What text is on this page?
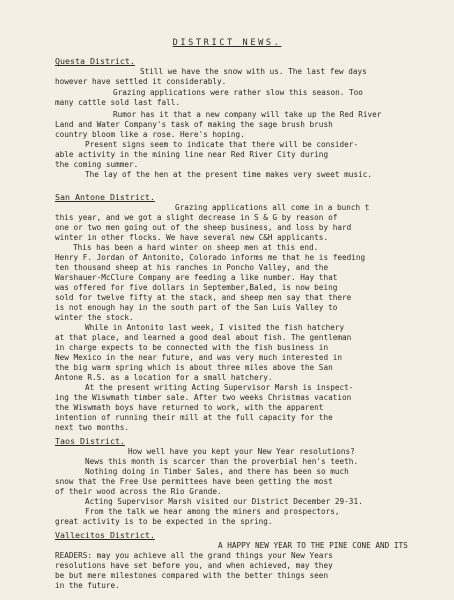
DISTRICT NEWS.
Questa District.
Still we have the snow with us. The last few days
however have settled it considerably.
Grazing applications were rather slow this season. Too
many cattle sold last fall.
Rumor has it that a new company will take up the Red River
Land and Water Company's task of making the sage brush brush
country bloom like a rose. Here's hoping.
Present signs seem to indicate that there will be consider-
able activity in the mining line near Red River City during
the coming summer.
The lay of the hen at the present time makes very sweet music.
San Antone District.
Grazing applications all come in a bunch t
this year, and we got a slight decrease in S & G by reason of
one or two men going out of the sheep business, and loss by hard
winter in other flocks. We have several new C&H applicants.
This has been a hard winter on sheep men at this end.
Henry F. Jordan of Antonito, Colorado informs me that he is feeding
ten thousand sheep at his ranches in Poncho Valley, and the
Warshauer-McClure Company are feeding a like number. Hay that
was offered for five dollars in September,Baled, is now being
sold for twelve fifty at the stack, and sheep men say that there
is not enough hay in the south part of the San Luis Valley to
winter the stock.
While in Antonito last week, I visited the fish hatchery
at that place, and learned a good deal about fish. The gentleman
in charge expects to be connected with the fish business in
New Mexico in the near future, and was very much interested in
the big warm spring which is about three miles above the San
Antone R.S. as a location for a small hatchery.
At the present writing Acting Supervisor Marsh is inspect-
ing the Wiswmath timber sale. After two weeks Christmas vacation
the Wiswmath boys have returned to work, with the apparent
intention of running their mill at the full capacity for the
next two months.
Taos District.
How well have you kept your New Year resolutions?
News this month is scarcer than the proverbial hen's teeth.
Nothing doing in Timber Sales, and there has been so much
snow that the Free Use permittees have been getting the most
of their wood across the Rio Grande.
Acting Supervisor Marsh visited our District December 29-31.
From the talk we hear among the miners and prospectors,
great activity is to be expected in the spring.
Vallecitos District.
A HAPPY NEW YEAR TO THE PINE CONE AND ITS
READERS: may you achieve all the grand things your New Years
resolutions have set before you, and when achieved, may they
be but mere milestones compared with the better things seen
in the future.
